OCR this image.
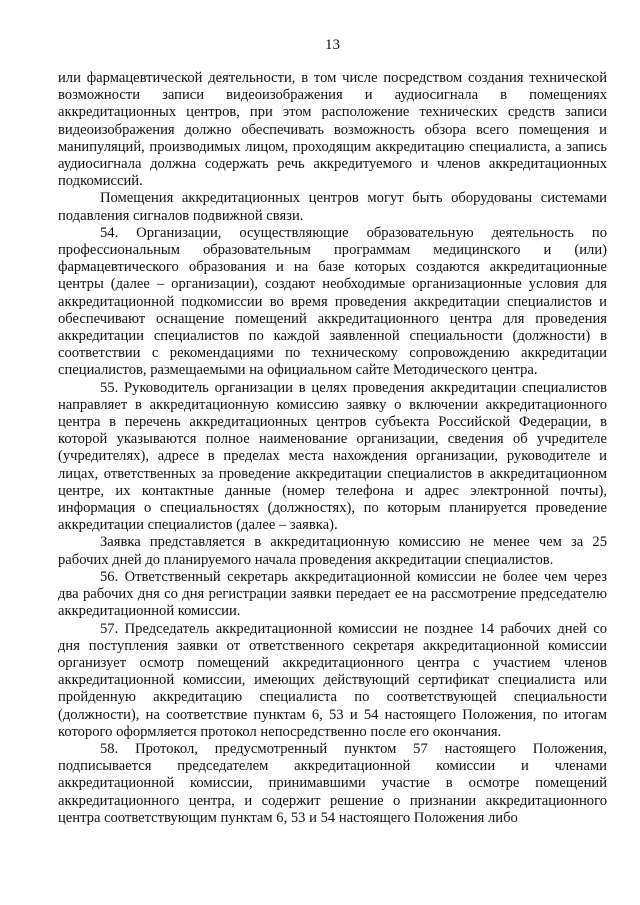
13

или фармацевтической деятельности, в том числе посредством создания технической возможности записи видеоизображения и аудиосигнала в помещениях аккредитационных центров, при этом расположение технических средств записи видеоизображения должно обеспечивать возможность обзора всего помещения и манипуляций, производимых лицом, проходящим аккредитацию специалиста, а запись аудиосигнала должна содержать речь аккредитуемого и членов аккредитационных подкомиссий.

Помещения аккредитационных центров могут быть оборудованы системами подавления сигналов подвижной связи.

54. Организации, осуществляющие образовательную деятельность по профессиональным образовательным программам медицинского и (или) фармацевтического образования и на базе которых создаются аккредитационные центры (далее – организации), создают необходимые организационные условия для аккредитационной подкомиссии во время проведения аккредитации специалистов и обеспечивают оснащение помещений аккредитационного центра для проведения аккредитации специалистов по каждой заявленной специальности (должности) в соответствии с рекомендациями по техническому сопровождению аккредитации специалистов, размещаемыми на официальном сайте Методического центра.

55. Руководитель организации в целях проведения аккредитации специалистов направляет в аккредитационную комиссию заявку о включении аккредитационного центра в перечень аккредитационных центров субъекта Российской Федерации, в которой указываются полное наименование организации, сведения об учредителе (учредителях), адресе в пределах места нахождения организации, руководителе и лицах, ответственных за проведение аккредитации специалистов в аккредитационном центре, их контактные данные (номер телефона и адрес электронной почты), информация о специальностях (должностях), по которым планируется проведение аккредитации специалистов (далее – заявка).

Заявка представляется в аккредитационную комиссию не менее чем за 25 рабочих дней до планируемого начала проведения аккредитации специалистов.

56. Ответственный секретарь аккредитационной комиссии не более чем через два рабочих дня со дня регистрации заявки передает ее на рассмотрение председателю аккредитационной комиссии.

57. Председатель аккредитационной комиссии не позднее 14 рабочих дней со дня поступления заявки от ответственного секретаря аккредитационной комиссии организует осмотр помещений аккредитационного центра с участием членов аккредитационной комиссии, имеющих действующий сертификат специалиста или пройденную аккредитацию специалиста по соответствующей специальности (должности), на соответствие пунктам 6, 53 и 54 настоящего Положения, по итогам которого оформляется протокол непосредственно после его окончания.

58. Протокол, предусмотренный пунктом 57 настоящего Положения, подписывается председателем аккредитационной комиссии и членами аккредитационной комиссии, принимавшими участие в осмотре помещений аккредитационного центра, и содержит решение о признании аккредитационного центра соответствующим пунктам 6, 53 и 54 настоящего Положения либо
